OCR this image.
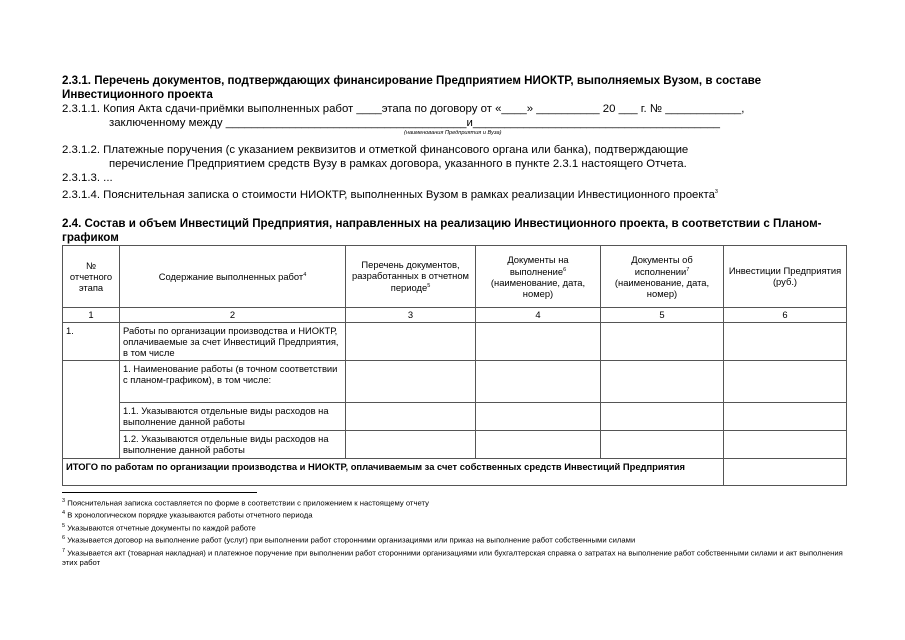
2.3.1. Перечень документов, подтверждающих финансирование Предприятием НИОКТР, выполняемых Вузом, в составе Инвестиционного проекта
2.3.1.1. Копия Акта сдачи-приёмки выполненных работ ____этапа по договору от «____» __________ 20 ___ г. № ____________,
заключенному между ______________________________________и_______________________________________
(наименования Предприятия и Вуза)
2.3.1.2. Платежные поручения (с указанием реквизитов и отметкой финансового органа или банка), подтверждающие
перечисление Предприятием средств Вузу в рамках договора, указанного в пункте 2.3.1 настоящего Отчета.
2.3.1.3. ...
2.3.1.4. Пояснительная записка о стоимости НИОКТР, выполненных Вузом в рамках реализации Инвестиционного проекта$^3$
2.4. Состав и объем Инвестиций Предприятия, направленных на реализацию Инвестиционного проекта, в соответствии с Планом-графиком
№ отчетного этапа	Содержание выполненных работ$^4$	Перечень документов, разработанных в отчетном периоде$^5$	Документы на выполнение$^6$ (наименование, дата, номер)	Документы об исполнении$^7$ (наименование, дата, номер)	Инвестиции Предприятия (руб.)
1	2	3	4	5	6
1.	Работы по организации производства и НИОКТР, оплачиваемые за счет Инвестиций Предприятия, в том числе				
	1. Наименование работы (в точном соответствии с планом-графиком), в том числе:				
	1.1. Указываются отдельные виды расходов на выполнение данной работы				
	1.2. Указываются отдельные виды расходов на выполнение данной работы				
ИТОГО по работам по организации производства и НИОКТР, оплачиваемым за счет собственных средств Инвестиций Предприятия					
$^3$ Пояснительная записка составляется по форме в соответствии с приложением к настоящему отчету
$^4$ В хронологическом порядке указываются работы отчетного периода
$^5$ Указываются отчетные документы по каждой работе
$^6$ Указывается договор на выполнение работ (услуг) при выполнении работ сторонними организациями или приказ на выполнение работ собственными силами
$^7$ Указывается акт (товарная накладная) и платежное поручение при выполнении работ сторонними организациями или бухгалтерская справка о затратах на выполнение работ собственными силами и акт выполнения этих работ
